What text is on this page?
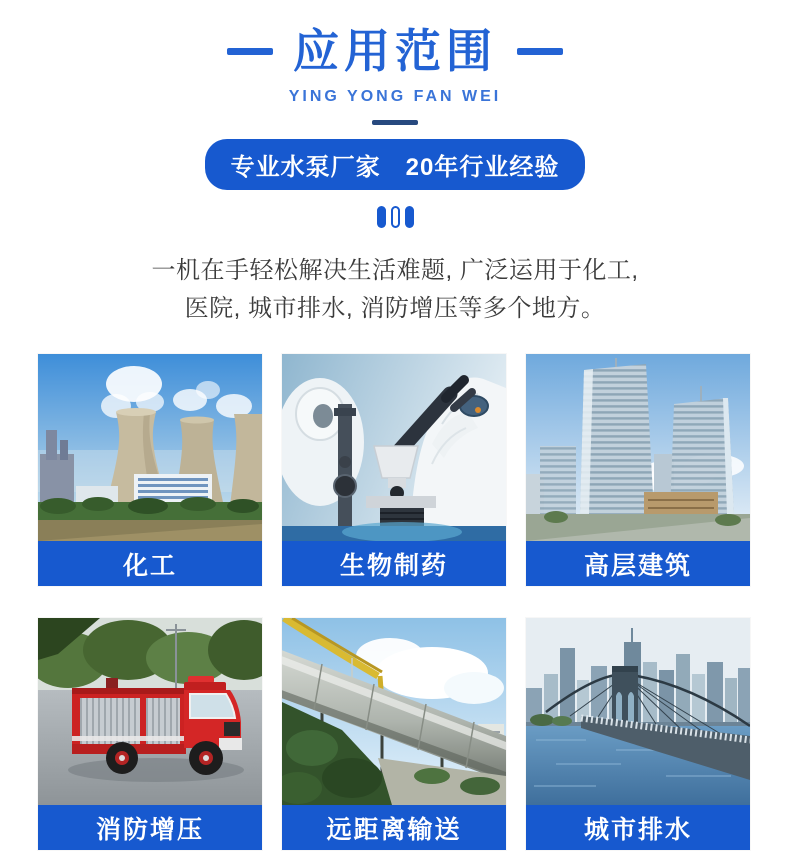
应用范围
YING YONG FAN WEI
专业水泵厂家　20年行业经验
一机在手轻松解决生活难题, 广泛运用于化工,
医院, 城市排水, 消防增压等多个地方。
化工	生物制药	高层建筑
消防增压	远距离输送	城市排水
